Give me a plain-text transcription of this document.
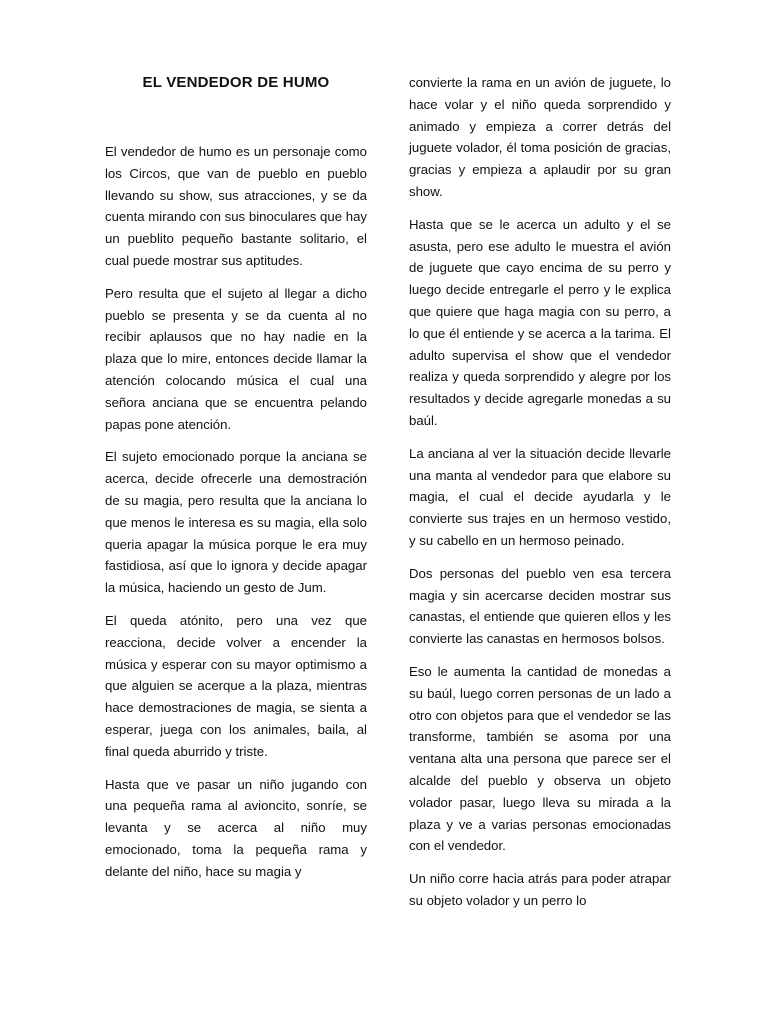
EL VENDEDOR DE HUMO

El vendedor de humo es un personaje como los Circos, que van de pueblo en pueblo llevando su show, sus atracciones, y se da cuenta mirando con sus binoculares que hay un pueblito pequeño bastante solitario, el cual puede mostrar sus aptitudes.

Pero resulta que el sujeto al llegar a dicho pueblo se presenta y se da cuenta al no recibir aplausos que no hay nadie en la plaza que lo mire, entonces decide llamar la atención colocando música el cual una señora anciana que se encuentra pelando papas pone atención.

El sujeto emocionado porque la anciana se acerca, decide ofrecerle una demostración de su magia, pero resulta que la anciana lo que menos le interesa es su magia, ella solo queria apagar la música porque le era muy fastidiosa, así que lo ignora y decide apagar la música, haciendo un gesto de Jum.

El queda atónito, pero una vez que reacciona, decide volver a encender la música y esperar con su mayor optimismo a que alguien se acerque a la plaza, mientras hace demostraciones de magia, se sienta a esperar, juega con los animales, baila, al final queda aburrido y triste.

Hasta que ve pasar un niño jugando con una pequeña rama al avioncito, sonríe, se levanta y se acerca al niño muy emocionado, toma la pequeña rama y delante del niño, hace su magia y

convierte la rama en un avión de juguete, lo hace volar y el niño queda sorprendido y animado y empieza a correr detrás del juguete volador, él toma posición de gracias, gracias y empieza a aplaudir por su gran show.

Hasta que se le acerca un adulto y el se asusta, pero ese adulto le muestra el avión de juguete que cayo encima de su perro y luego decide entregarle el perro y le explica que quiere que haga magia con su perro, a lo que él entiende y se acerca a la tarima. El adulto supervisa el show que el vendedor realiza y queda sorprendido y alegre por los resultados y decide agregarle monedas a su baúl.

La anciana al ver la situación decide llevarle una manta al vendedor para que elabore su magia, el cual el decide ayudarla y le convierte sus trajes en un hermoso vestido, y su cabello en un hermoso peinado.

Dos personas del pueblo ven esa tercera magia y sin acercarse deciden mostrar sus canastas, el entiende que quieren ellos y les convierte las canastas en hermosos bolsos.

Eso le aumenta la cantidad de monedas a su baúl, luego corren personas de un lado a otro con objetos para que el vendedor se las transforme, también se asoma por una ventana alta una persona que parece ser el alcalde del pueblo y observa un objeto volador pasar, luego lleva su mirada a la plaza y ve a varias personas emocionadas con el vendedor.

Un niño corre hacia atrás para poder atrapar su objeto volador y un perro lo
